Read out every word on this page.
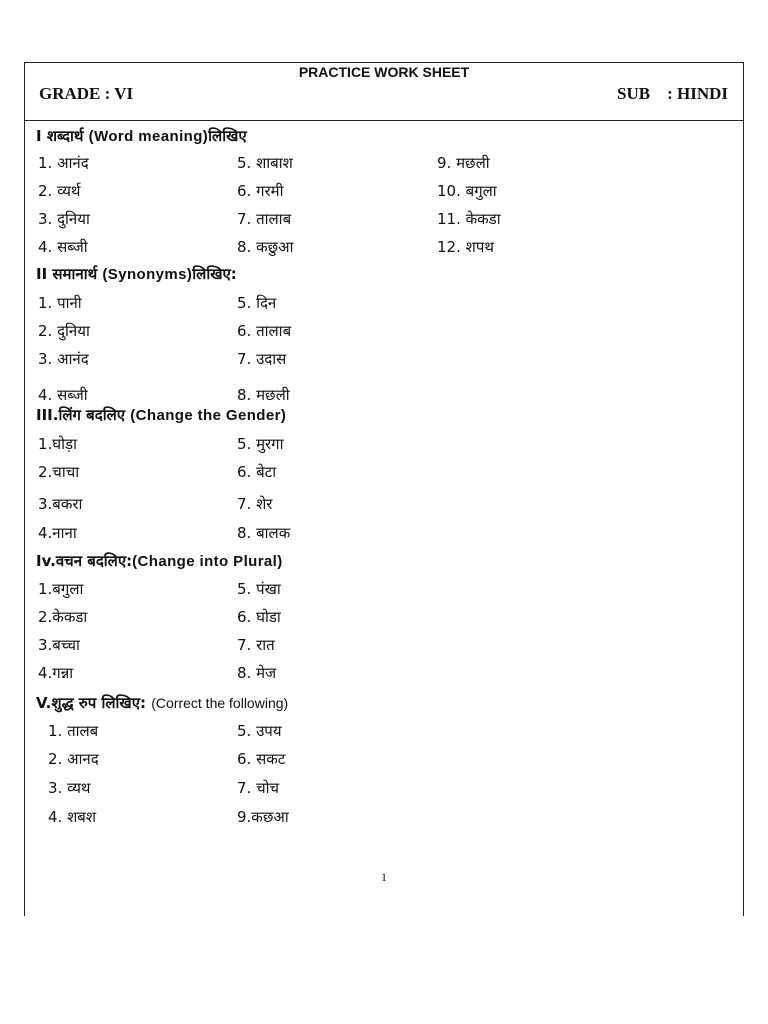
PRACTICE WORK SHEET
GRADE : VI	SUB    : HINDI
I शब्दार्थ (Word meaning)लिखिए
1. आनंद	5. शाबाश	9. मछली
2. व्यर्थ	6. गरमी	10. बगुला
3. दुनिया	7. तालाब	11. केकडा
4. सब्जी	8. कछुआ	12. शपथ
II समानार्थ (Synonyms)लिखिए:
1. पानी	5. दिन
2. दुनिया	6. तालाब
3. आनंद	7. उदास
4. सब्जी	8. मछली
III.लिंग बदलिए (Change the Gender)
1.घोड़ा	5. मुरगा
2.चाचा	6. बेटा
3.बकरा	7. शेर
4.नाना	8. बालक
Iv.वचन बदलिए:(Change into Plural)
1.बगुला	5. पंखा
2.केकडा	6. घोडा
3.बच्चा	7. रात
4.गन्ना	8. मेज
V.शुद्ध रुप लिखिए: (Correct the following)
1. तालब	5. उपय
2. आनद	6. सकट
3. व्यथ	7. चोच
4. शबश	9.कछआ
1
